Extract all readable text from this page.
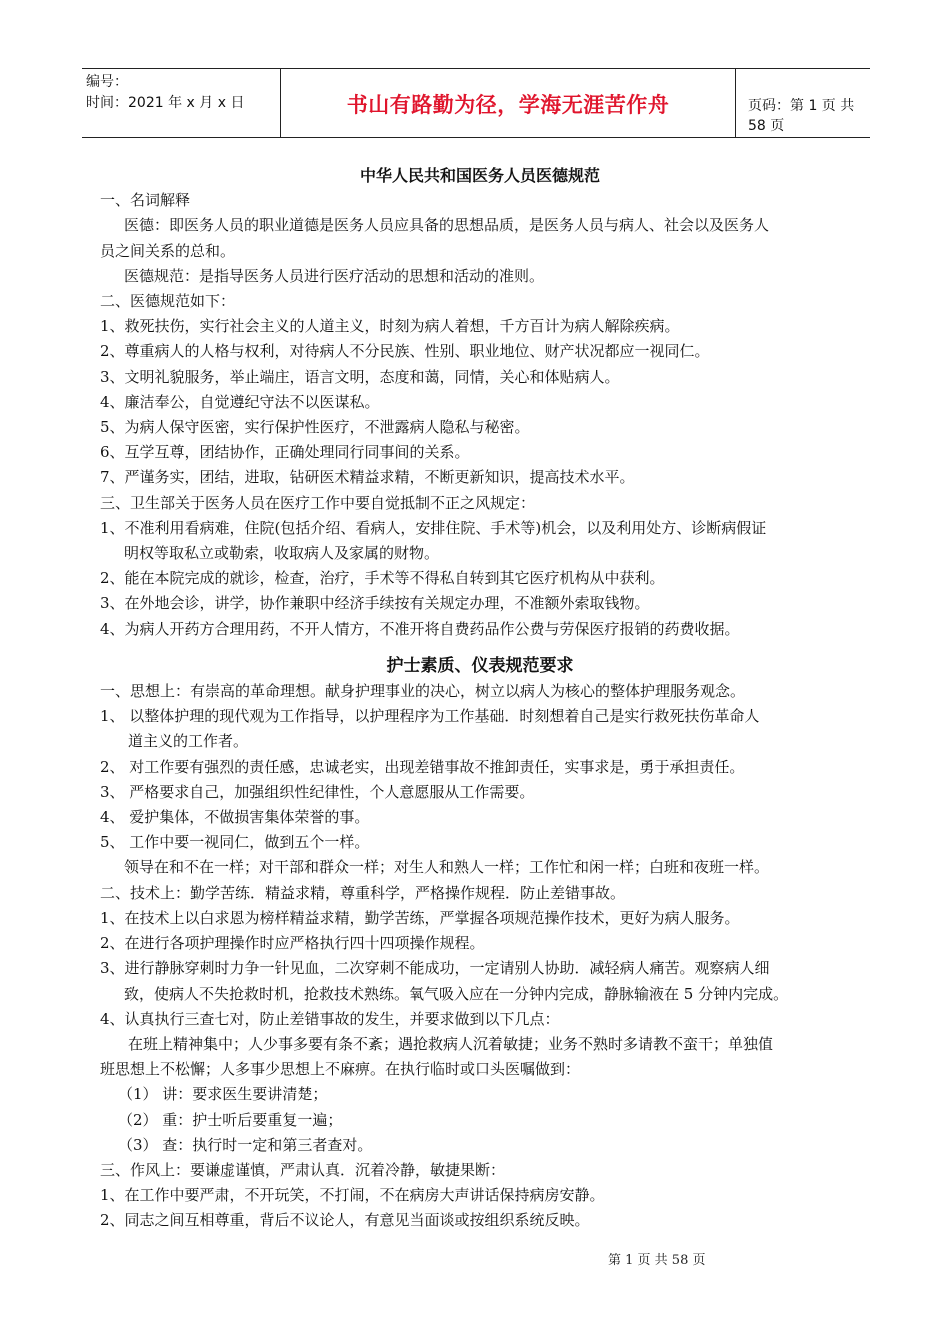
编号：
时间：2021 年 x 月 x 日	书山有路勤为径，学海无涯苦作舟	页码：第 1 页 共 58 页
中华人民共和国医务人员医德规范

一、名词解释

医德：即医务人员的职业道德是医务人员应具备的思想品质，是医务人员与病人、社会以及医务人

员之间关系的总和。

医德规范：是指导医务人员进行医疗活动的思想和活动的准则。

二、医德规范如下：

1、救死扶伤，实行社会主义的人道主义，时刻为病人着想，千方百计为病人解除疾病。

2、尊重病人的人格与权利，对待病人不分民族、性别、职业地位、财产状况都应一视同仁。

3、文明礼貌服务，举止端庄，语言文明，态度和蔼，同情，关心和体贴病人。

4、廉洁奉公，自觉遵纪守法不以医谋私。

5、为病人保守医密，实行保护性医疗，不泄露病人隐私与秘密。

6、互学互尊，团结协作，正确处理同行同事间的关系。

7、严谨务实，团结，进取，钻研医术精益求精，不断更新知识，提高技术水平。

三、卫生部关于医务人员在医疗工作中要自觉抵制不正之风规定：

1、不准利用看病难，住院(包括介绍、看病人，安排住院、手术等)机会，以及利用处方、诊断病假证

明权等取私立或勒索，收取病人及家属的财物。

2、能在本院完成的就诊，检查，治疗，手术等不得私自转到其它医疗机构从中获利。

3、在外地会诊，讲学，协作兼职中经济手续按有关规定办理，不准额外索取钱物。

4、为病人开药方合理用药，不开人情方，不准开将自费药品作公费与劳保医疗报销的药费收据。

护士素质、仪表规范要求

一、思想上：有崇高的革命理想。献身护理事业的决心，树立以病人为核心的整体护理服务观念。

1、 以整体护理的现代观为工作指导，以护理程序为工作基础．时刻想着自己是实行救死扶伤革命人

道主义的工作者。

2、 对工作要有强烈的责任感，忠诚老实，出现差错事故不推卸责任，实事求是，勇于承担责任。

3、 严格要求自己，加强组织性纪律性，个人意愿服从工作需要。

4、 爱护集体，不做损害集体荣誉的事。

5、 工作中要一视同仁，做到五个一样。

领导在和不在一样；对干部和群众一样；对生人和熟人一样；工作忙和闲一样；白班和夜班一样。

二、技术上：勤学苦练．精益求精，尊重科学，严格操作规程．防止差错事故。

1、在技术上以白求恩为榜样精益求精，勤学苦练，严掌握各项规范操作技术，更好为病人服务。

2、在进行各项护理操作时应严格执行四十四项操作规程。

3、进行静脉穿刺时力争一针见血，二次穿刺不能成功，一定请别人协助．减轻病人痛苦。观察病人细

致，使病人不失抢救时机，抢救技术熟练。氧气吸入应在一分钟内完成，静脉输液在 5 分钟内完成。

4、认真执行三查七对，防止差错事故的发生，并要求做到以下几点：

在班上精神集中；人少事多要有条不紊；遇抢救病人沉着敏捷；业务不熟时多请教不蛮干；单独值

班思想上不松懈；人多事少思想上不麻痹。在执行临时或口头医嘱做到：

（1） 讲：要求医生要讲清楚；

（2） 重：护士听后要重复一遍；

（3） 查：执行时一定和第三者查对。

三、作风上：要谦虚谨慎，严肃认真．沉着冷静，敏捷果断：

1、在工作中要严肃，不开玩笑，不打闹，不在病房大声讲话保持病房安静。

2、同志之间互相尊重，背后不议论人，有意见当面谈或按组织系统反映。

第 1 页 共 58 页
